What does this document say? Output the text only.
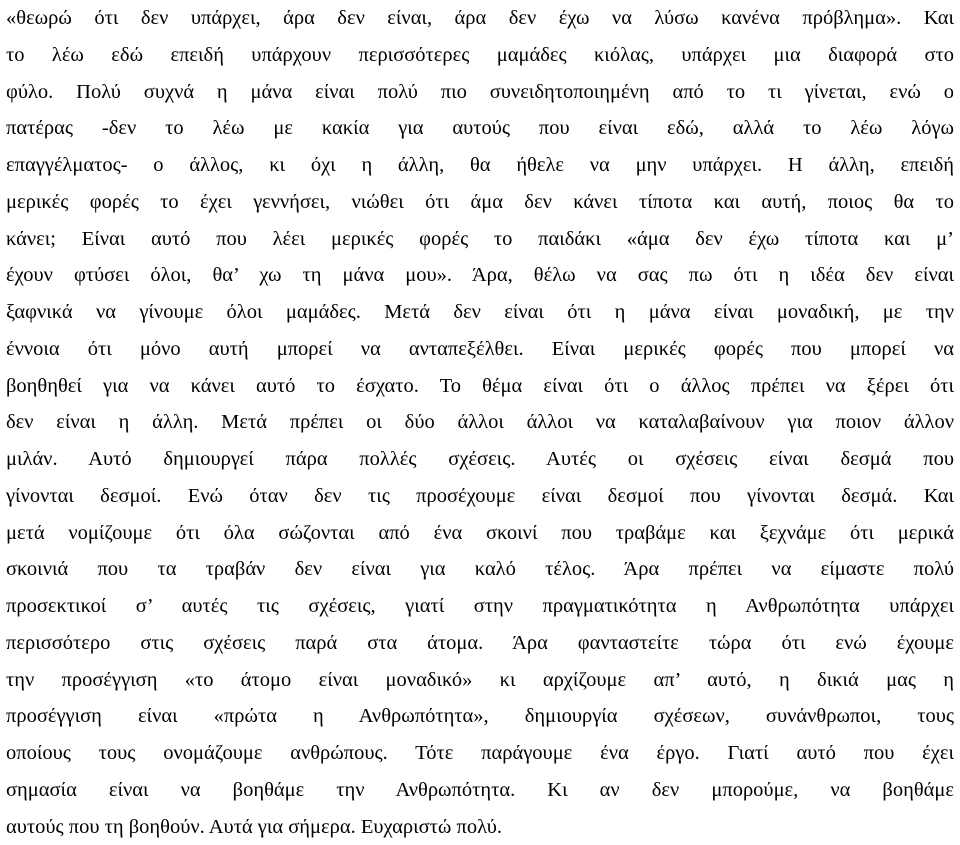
«θεωρώ ότι δεν υπάρχει, άρα δεν είναι, άρα δεν έχω να λύσω κανένα πρόβλημα». Και
το λέω εδώ επειδή υπάρχουν περισσότερες μαμάδες κιόλας, υπάρχει μια διαφορά στο
φύλο. Πολύ συχνά η μάνα είναι πολύ πιο συνειδητοποιημένη από το τι γίνεται, ενώ ο
πατέρας -δεν το λέω με κακία για αυτούς που είναι εδώ, αλλά το λέω λόγω
επαγγέλματος- ο άλλος, κι όχι η άλλη, θα ήθελε να μην υπάρχει. Η άλλη, επειδή
μερικές φορές το έχει γεννήσει, νιώθει ότι άμα δεν κάνει τίποτα και αυτή, ποιος θα το
κάνει; Είναι αυτό που λέει μερικές φορές το παιδάκι «άμα δεν έχω τίποτα και μ’
έχουν φτύσει όλοι, θα’ χω τη μάνα μου». Άρα, θέλω να σας πω ότι η ιδέα δεν είναι
ξαφνικά να γίνουμε όλοι μαμάδες. Μετά δεν είναι ότι η μάνα είναι μοναδική, με την
έννοια ότι μόνο αυτή μπορεί να ανταπεξέλθει. Είναι μερικές φορές που μπορεί να
βοηθηθεί για να κάνει αυτό το έσχατο. Το θέμα είναι ότι ο άλλος πρέπει να ξέρει ότι
δεν είναι η άλλη. Μετά πρέπει οι δύο άλλοι άλλοι να καταλαβαίνουν για ποιον άλλον
μιλάν. Αυτό δημιουργεί πάρα πολλές σχέσεις. Αυτές οι σχέσεις είναι δεσμά που
γίνονται δεσμοί. Ενώ όταν δεν τις προσέχουμε είναι δεσμοί που γίνονται δεσμά. Και
μετά νομίζουμε ότι όλα σώζονται από ένα σκοινί που τραβάμε και ξεχνάμε ότι μερικά
σκοινιά που τα τραβάν δεν είναι για καλό τέλος. Άρα πρέπει να είμαστε πολύ
προσεκτικοί σ’ αυτές τις σχέσεις, γιατί στην πραγματικότητα η Ανθρωπότητα υπάρχει
περισσότερο στις σχέσεις παρά στα άτομα. Άρα φανταστείτε τώρα ότι ενώ έχουμε
την προσέγγιση «το άτομο είναι μοναδικό» κι αρχίζουμε απ’ αυτό, η δικιά μας η
προσέγγιση είναι «πρώτα η Ανθρωπότητα», δημιουργία σχέσεων, συνάνθρωποι, τους
οποίους τους ονομάζουμε ανθρώπους. Τότε παράγουμε ένα έργο. Γιατί αυτό που έχει
σημασία είναι να βοηθάμε την Ανθρωπότητα. Κι αν δεν μπορούμε, να βοηθάμε
αυτούς που τη βοηθούν. Αυτά για σήμερα. Ευχαριστώ πολύ.
